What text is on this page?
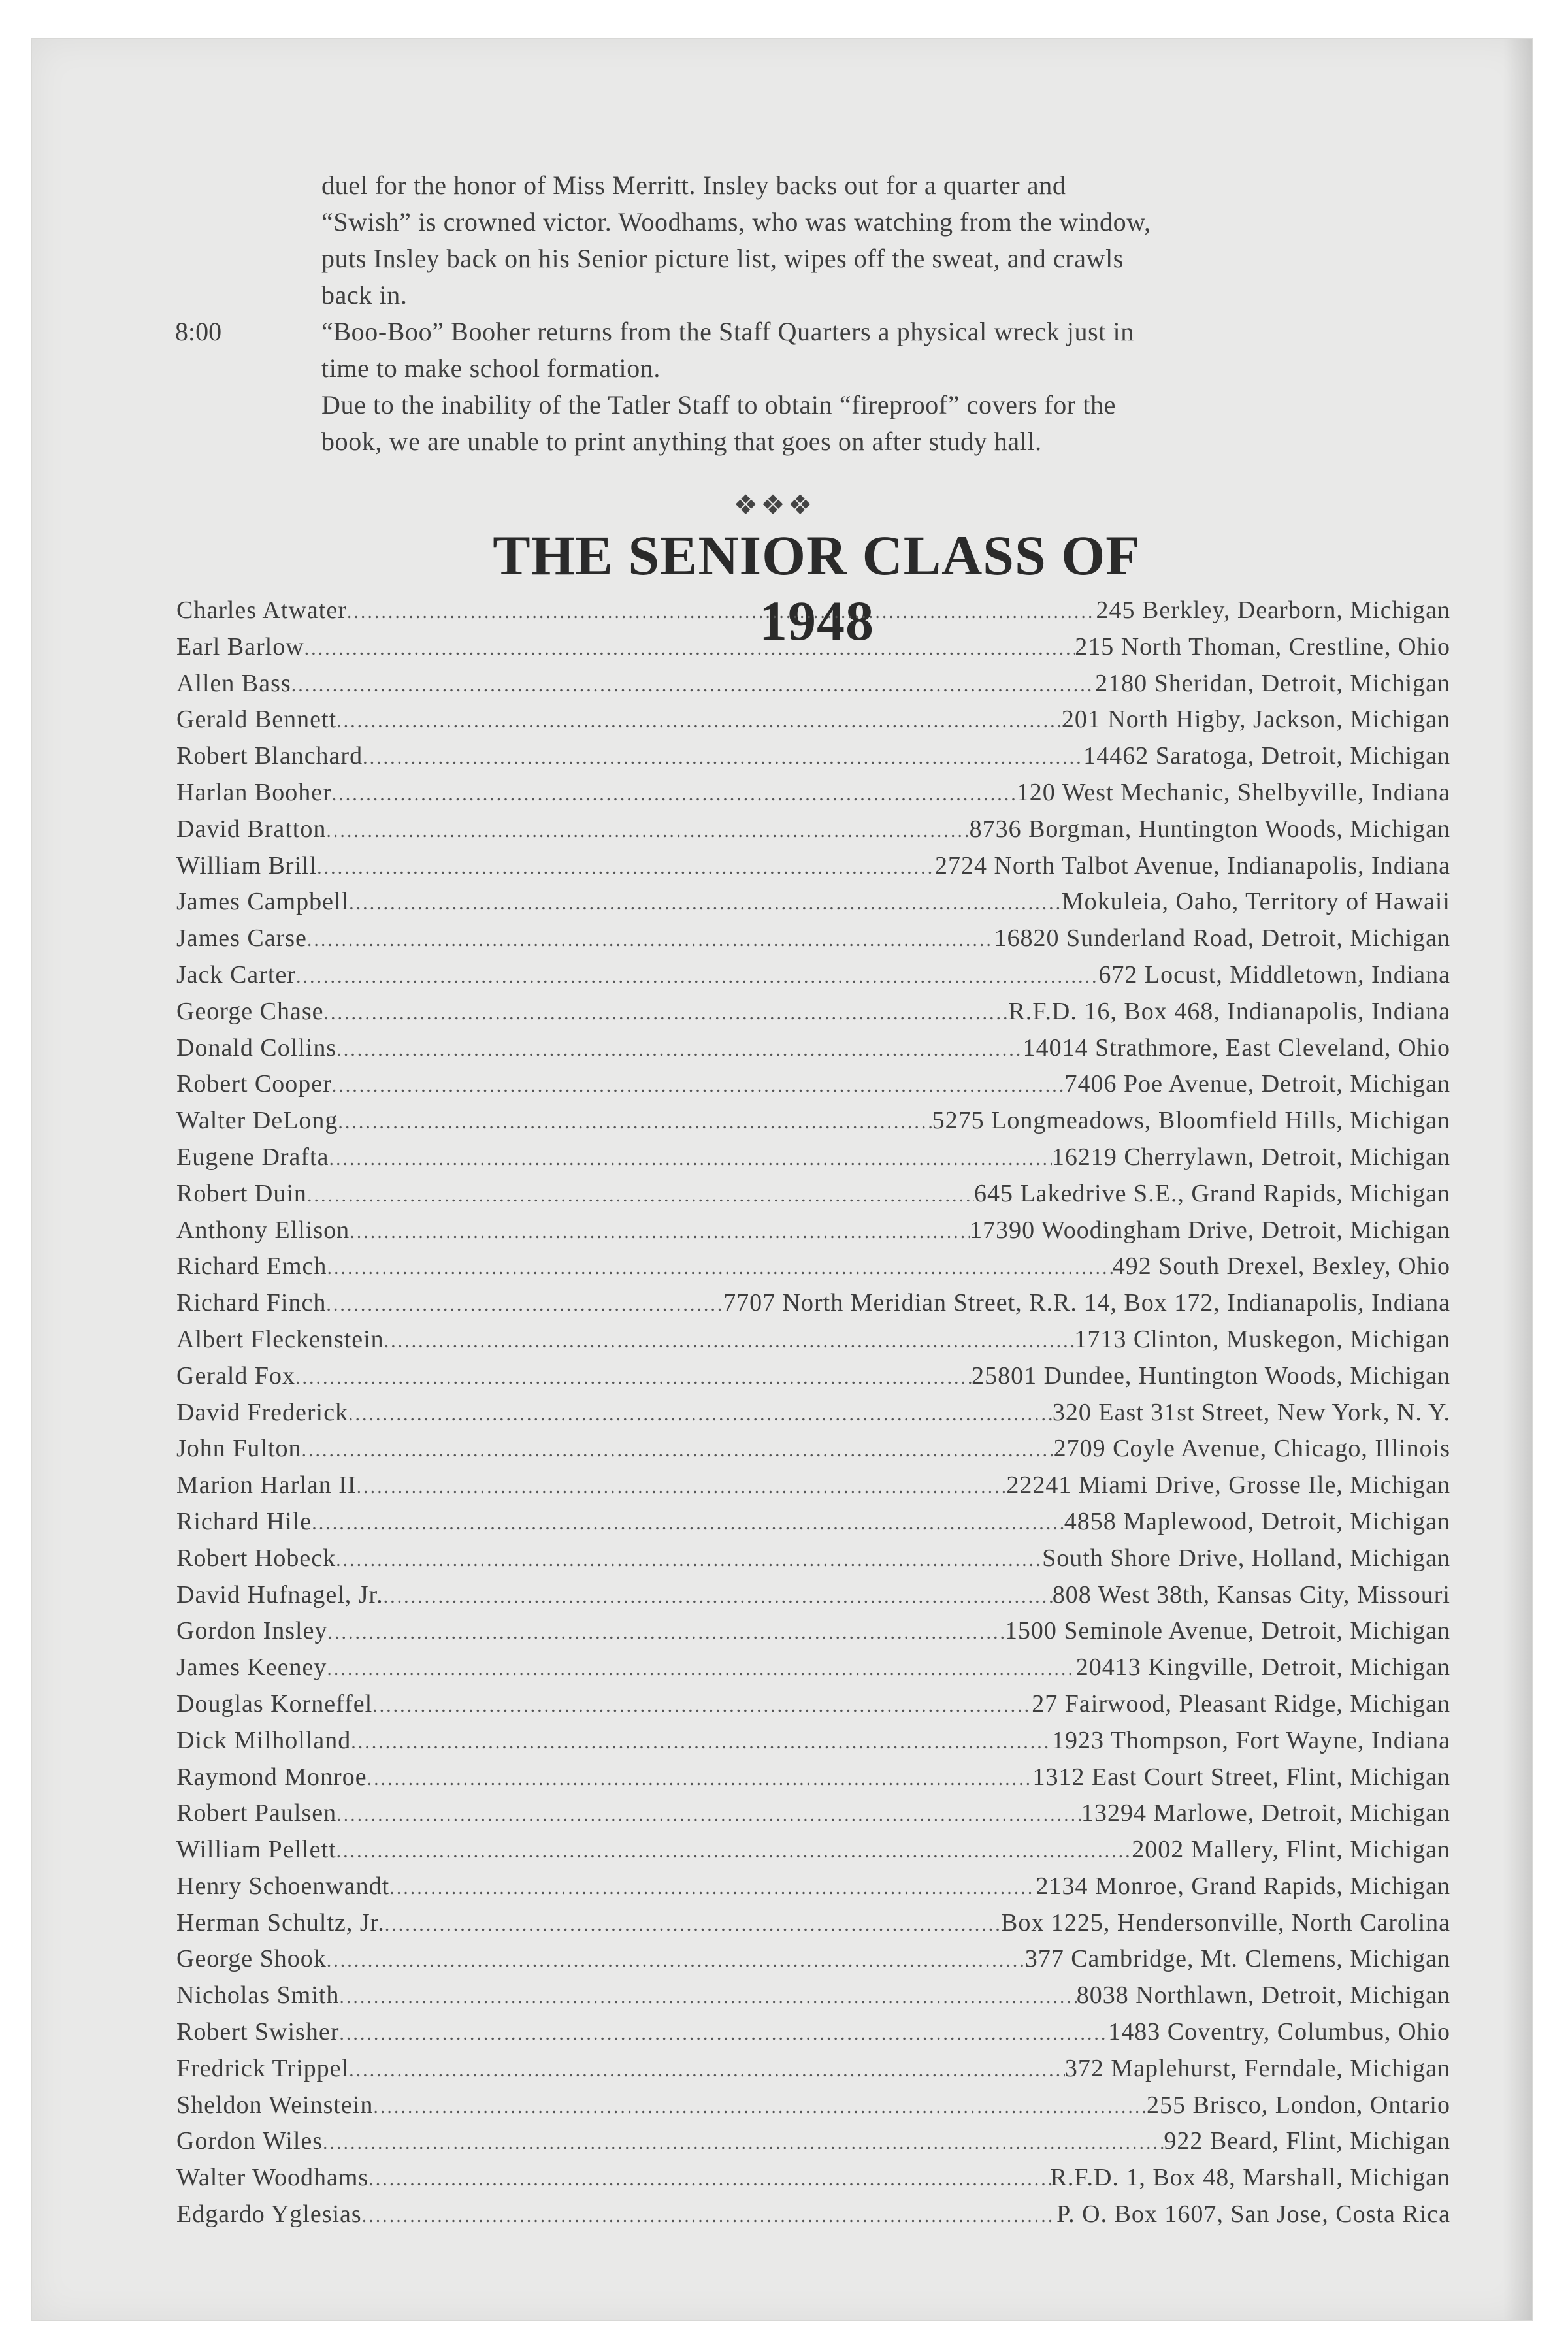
duel for the honor of Miss Merritt. Insley backs out for a quarter and
“Swish” is crowned victor. Woodhams, who was watching from the window,
puts Insley back on his Senior picture list, wipes off the sweat, and crawls
back in.
8:00	“Boo-Boo” Booher returns from the Staff Quarters a physical wreck just in
time to make school formation.
Due to the inability of the Tatler Staff to obtain “fireproof” covers for the
book, we are unable to print anything that goes on after study hall.
❖❖❖
THE SENIOR CLASS OF 1948
Charles Atwater .....	245 Berkley, Dearborn, Michigan
Earl Barlow .....	215 North Thoman, Crestline, Ohio
Allen Bass .....	2180 Sheridan, Detroit, Michigan
Gerald Bennett .....	201 North Higby, Jackson, Michigan
Robert Blanchard .....	14462 Saratoga, Detroit, Michigan
Harlan Booher .....	120 West Mechanic, Shelbyville, Indiana
David Bratton .....	8736 Borgman, Huntington Woods, Michigan
William Brill .....	2724 North Talbot Avenue, Indianapolis, Indiana
James Campbell .....	Mokuleia, Oaho, Territory of Hawaii
James Carse .....	16820 Sunderland Road, Detroit, Michigan
Jack Carter .....	672 Locust, Middletown, Indiana
George Chase .....	R.F.D. 16, Box 468, Indianapolis, Indiana
Donald Collins .....	14014 Strathmore, East Cleveland, Ohio
Robert Cooper .....	7406 Poe Avenue, Detroit, Michigan
Walter DeLong .....	5275 Longmeadows, Bloomfield Hills, Michigan
Eugene Drafta .....	16219 Cherrylawn, Detroit, Michigan
Robert Duin .....	645 Lakedrive S.E., Grand Rapids, Michigan
Anthony Ellison .....	17390 Woodingham Drive, Detroit, Michigan
Richard Emch .....	492 South Drexel, Bexley, Ohio
Richard Finch .....	7707 North Meridian Street, R.R. 14, Box 172, Indianapolis, Indiana
Albert Fleckenstein .....	1713 Clinton, Muskegon, Michigan
Gerald Fox .....	25801 Dundee, Huntington Woods, Michigan
David Frederick .....	320 East 31st Street, New York, N. Y.
John Fulton .....	2709 Coyle Avenue, Chicago, Illinois
Marion Harlan II .....	22241 Miami Drive, Grosse Ile, Michigan
Richard Hile .....	4858 Maplewood, Detroit, Michigan
Robert Hobeck .....	South Shore Drive, Holland, Michigan
David Hufnagel, Jr. .....	808 West 38th, Kansas City, Missouri
Gordon Insley .....	1500 Seminole Avenue, Detroit, Michigan
James Keeney .....	20413 Kingville, Detroit, Michigan
Douglas Korneffel .....	27 Fairwood, Pleasant Ridge, Michigan
Dick Milholland .....	1923 Thompson, Fort Wayne, Indiana
Raymond Monroe .....	1312 East Court Street, Flint, Michigan
Robert Paulsen .....	13294 Marlowe, Detroit, Michigan
William Pellett .....	2002 Mallery, Flint, Michigan
Henry Schoenwandt .....	2134 Monroe, Grand Rapids, Michigan
Herman Schultz, Jr. .....	Box 1225, Hendersonville, North Carolina
George Shook .....	377 Cambridge, Mt. Clemens, Michigan
Nicholas Smith .....	8038 Northlawn, Detroit, Michigan
Robert Swisher .....	1483 Coventry, Columbus, Ohio
Fredrick Trippel .....	372 Maplehurst, Ferndale, Michigan
Sheldon Weinstein .....	255 Brisco, London, Ontario
Gordon Wiles .....	922 Beard, Flint, Michigan
Walter Woodhams .....	R.F.D. 1, Box 48, Marshall, Michigan
Edgardo Yglesias .....	P. O. Box 1607, San Jose, Costa Rica
